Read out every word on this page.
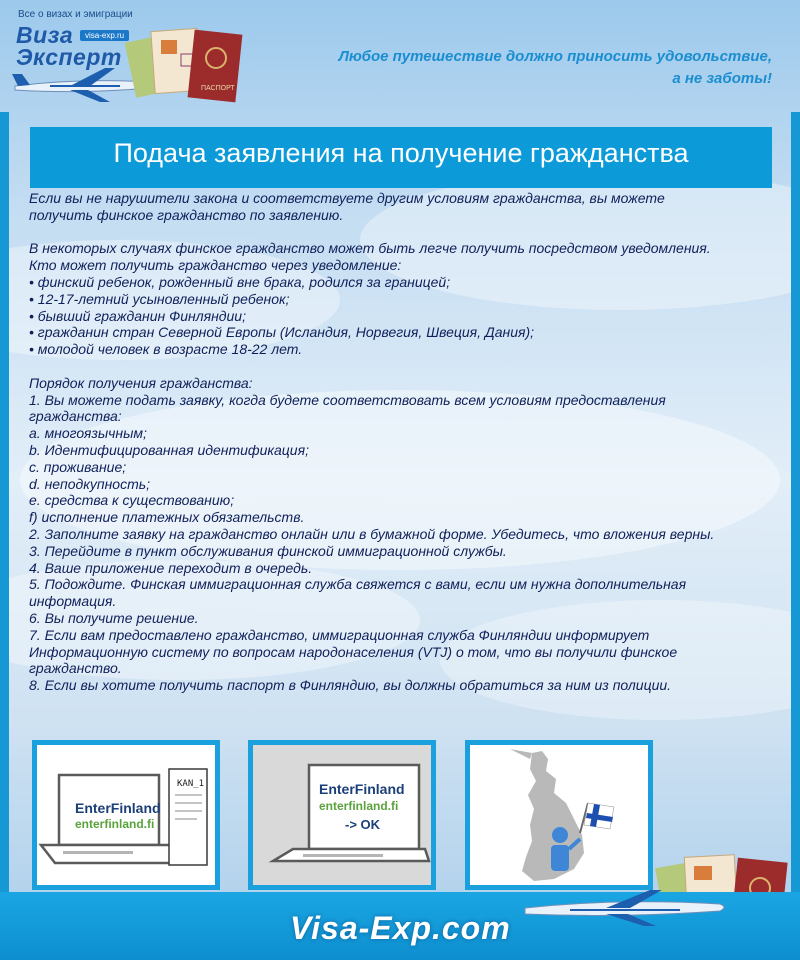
Все о визах и эмиграции
Виза	visa-exp.ru
Эксперт
ПАСПОРТ
Любое путешествие должно приносить удовольствие,
а не заботы!
Подача заявления на получение гражданства

Если вы не нарушители закона и соответствуете другим условиям гражданства, вы можете

получить финское гражданство по заявлению.

В некоторых случаях финское гражданство может быть легче получить посредством уведомления.

Кто может получить гражданство через уведомление:

• финский ребенок, рожденный вне брака, родился за границей;

• 12-17-летний усыновленный ребенок;

• бывший гражданин Финляндии;

• гражданин стран Северной Европы (Исландия, Норвегия, Швеция, Дания);

• молодой человек в возрасте 18-22 лет.

Порядок получения гражданства:

1. Вы можете подать заявку, когда будете соответствовать всем условиям предоставления

гражданства:

a. многоязычным;

b. Идентифицированная идентификация;

c. проживание;

d. неподкупность;

e. средства к существованию;

f) исполнение платежных обязательств.

2. Заполните заявку на гражданство онлайн или в бумажной форме. Убедитесь, что вложения верны.

3. Перейдите в пункт обслуживания финской иммиграционной службы.

4. Ваше приложение переходит в очередь.

5. Подождите. Финская иммиграционная служба свяжется с вами, если им нужна дополнительная

информация.

6. Вы получите решение.

7. Если вам предоставлено гражданство, иммиграционная служба Финляндии информирует

Информационную систему по вопросам народонаселения (VTJ) о том, что вы получили финское

гражданство.

8. Если вы хотите получить паспорт в Финляндию, вы должны обратиться за ним из полиции.

EnterFinland
enterfinland.fi
KAN_1	EnterFinland
enterfinland.fi
-> OK
Visa-Exp.com
